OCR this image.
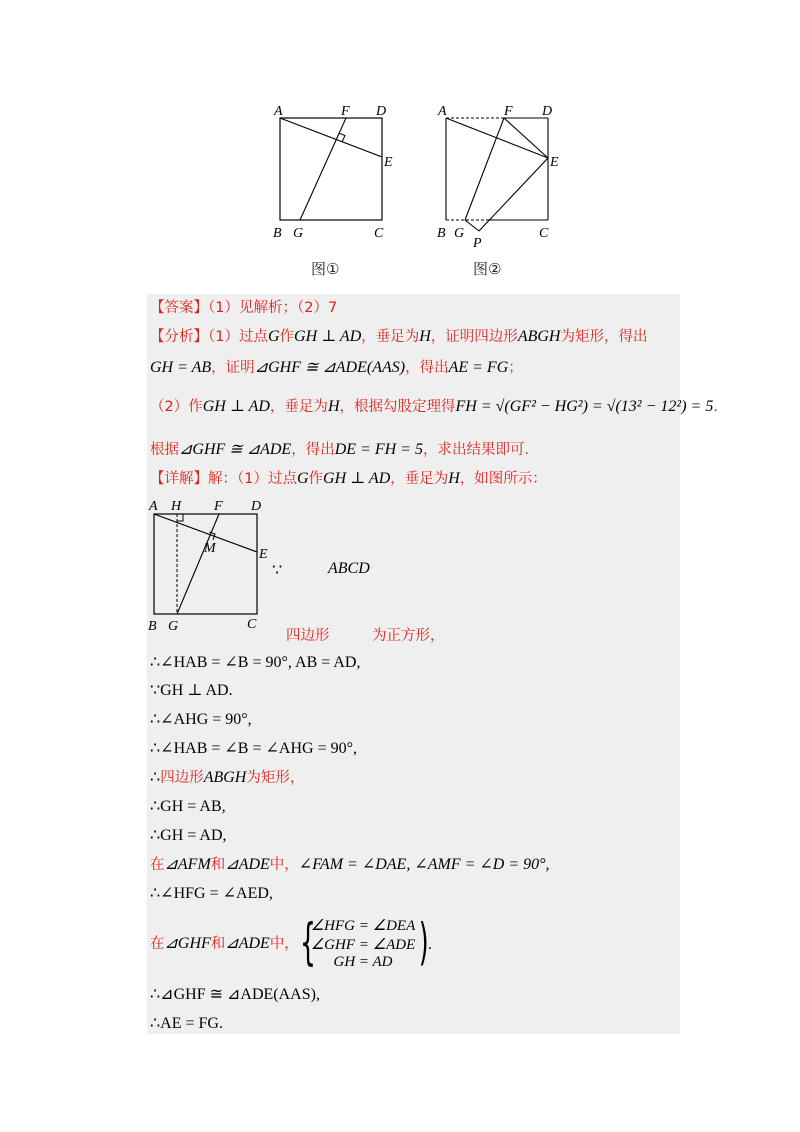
A	F D
E
B G	C
图①
A	F D
E
B G
P
C
图②
【答案】（1）见解析；（2）7
【分析】（1）过点G作GH ⊥ AD，垂足为H，证明四边形ABGH为矩形，得出
GH = AB，证明⊿GHF ≅ ⊿ADE(AAS)，得出AE = FG；
（2）作GH ⊥ AD，垂足为H，根据勾股定理得FH = √(GF² − HG²) = √(13² − 12²) = 5.
根据⊿GHF ≅ ⊿ADE，得出DE = FH = 5，求出结果即可.
【详解】解：（1）过点G作GH ⊥ AD，垂足为H，如图所示：
A H F D
M	E
B G	C
∵	ABCD
四边形	为正方形，
∴∠HAB = ∠B = 90°, AB = AD,
∵GH ⊥ AD.
∴∠AHG = 90°,
∴∠HAB = ∠B = ∠AHG = 90°,
∴四边形ABGH为矩形，
∴GH = AB,
∴GH = AD,
在⊿AFM和⊿ADE中，∠FAM = ∠DAE, ∠AMF = ∠D = 90°,
∴∠HFG = ∠AED,
在⊿GHF和⊿ADE中， {
∠HFG = ∠DEA
∠GHF = ∠ADE
GH = AD ) .
∴⊿GHF ≅ ⊿ADE(AAS),
∴AE = FG.
